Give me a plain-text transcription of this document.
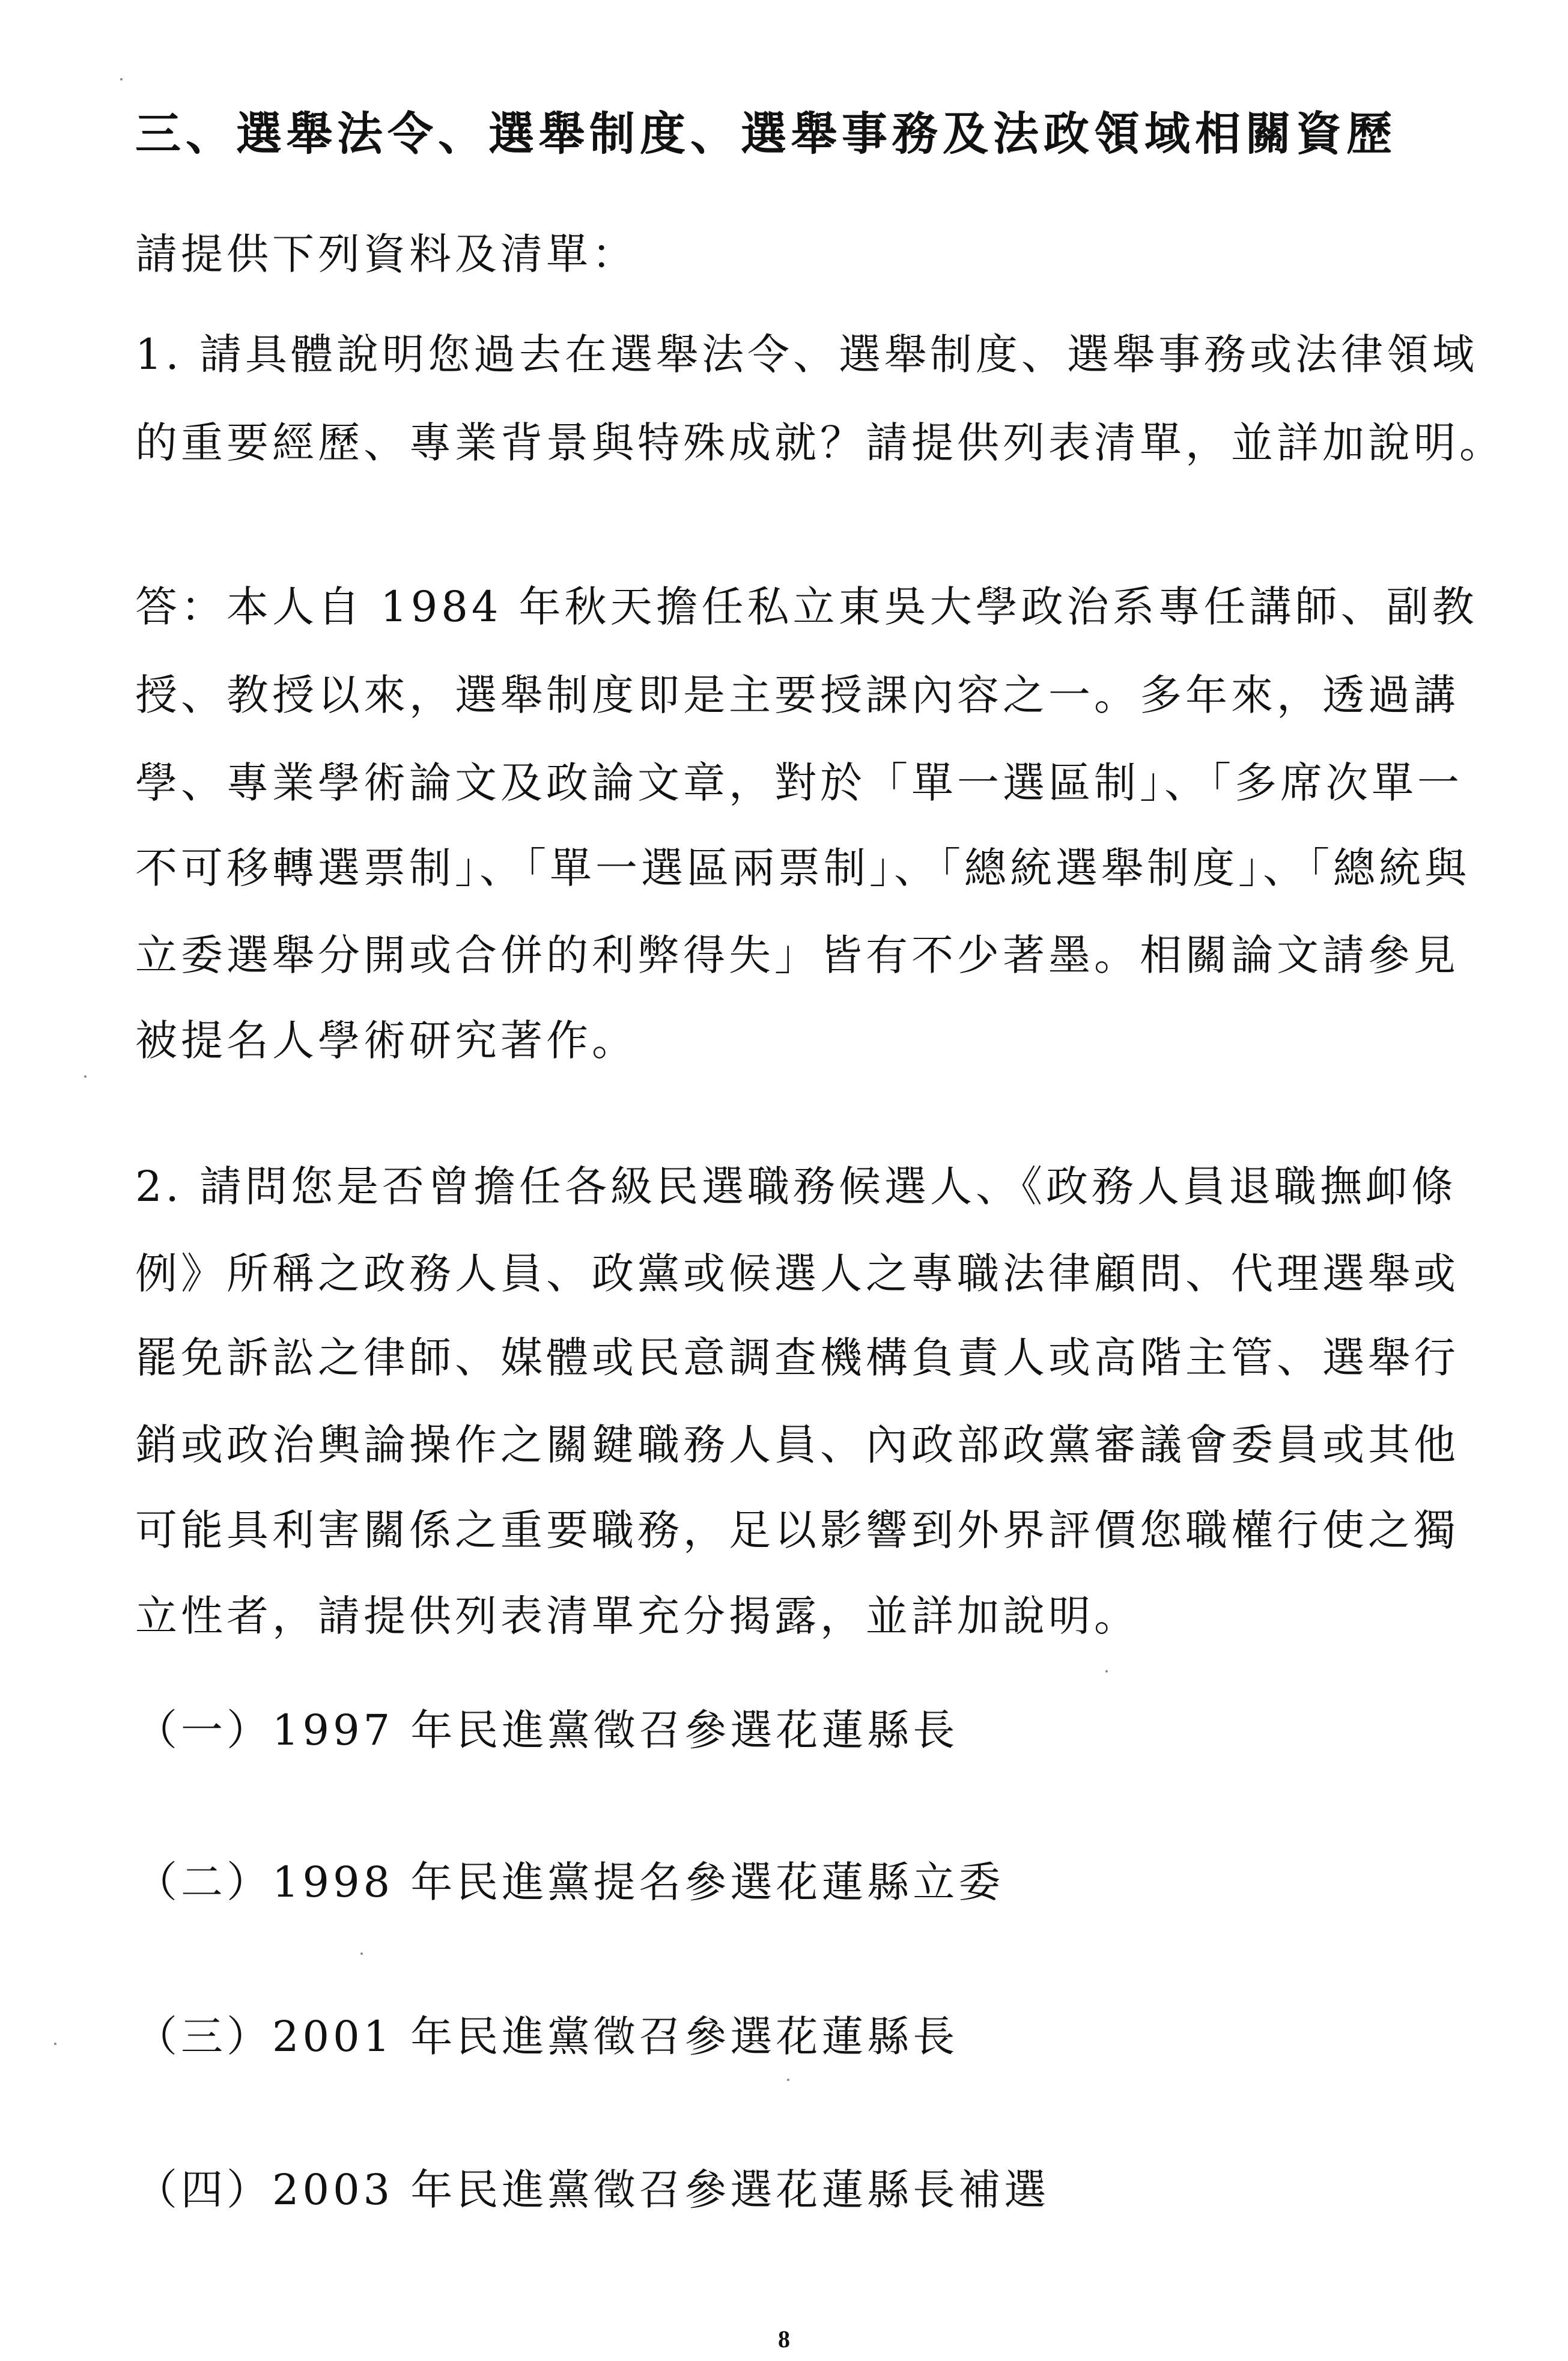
三、選舉法令、選舉制度、選舉事務及法政領域相關資歷
請提供下列資料及清單：
1. 請具體說明您過去在選舉法令、選舉制度、選舉事務或法律領域
的重要經歷、專業背景與特殊成就？請提供列表清單，並詳加說明。
答：本人自 1984 年秋天擔任私立東吳大學政治系專任講師、副教
授、教授以來，選舉制度即是主要授課內容之一。多年來，透過講
學、專業學術論文及政論文章，對於「單一選區制」、「多席次單一
不可移轉選票制」、「單一選區兩票制」、「總統選舉制度」、「總統與
立委選舉分開或合併的利弊得失」皆有不少著墨。相關論文請參見
被提名人學術研究著作。
2. 請問您是否曾擔任各級民選職務候選人、《政務人員退職撫卹條
例》所稱之政務人員、政黨或候選人之專職法律顧問、代理選舉或
罷免訴訟之律師、媒體或民意調查機構負責人或高階主管、選舉行
銷或政治輿論操作之關鍵職務人員、內政部政黨審議會委員或其他
可能具利害關係之重要職務，足以影響到外界評價您職權行使之獨
立性者，請提供列表清單充分揭露，並詳加說明。
（一）1997 年民進黨徵召參選花蓮縣長
（二）1998 年民進黨提名參選花蓮縣立委
（三）2001 年民進黨徵召參選花蓮縣長
（四）2003 年民進黨徵召參選花蓮縣長補選
8
